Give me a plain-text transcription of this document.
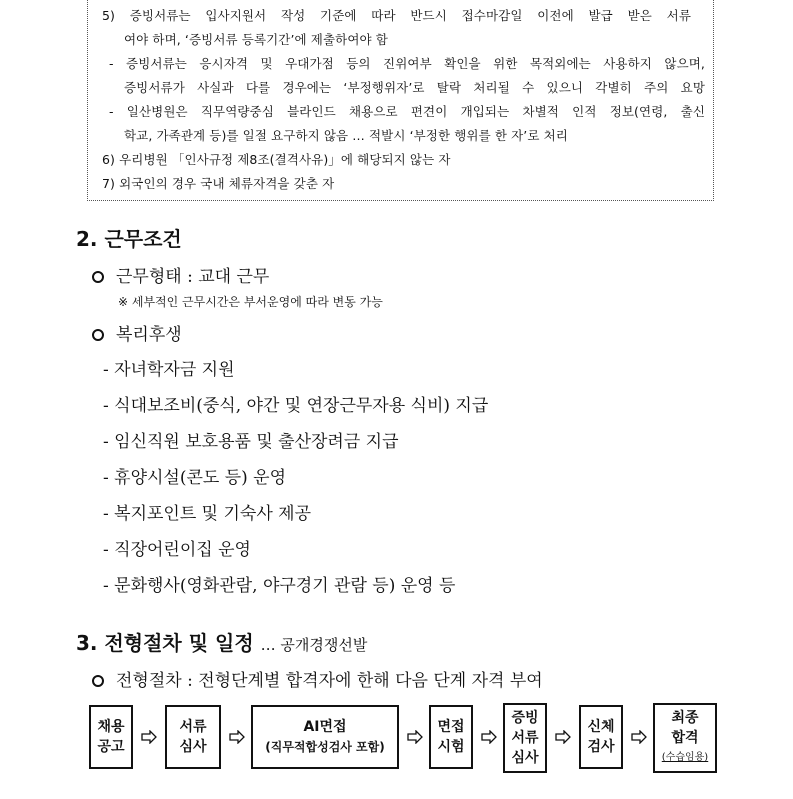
5) 증빙서류는 입사지원서 작성 기준에 따라 반드시 접수마감일 이전에 발급 받은 서류
여야 하며, ‘증빙서류 등록기간’에 제출하여야 함
- 증빙서류는 응시자격 및 우대가점 등의 진위여부 확인을 위한 목적외에는 사용하지 않으며,
증빙서류가 사실과 다를 경우에는 ‘부정행위자’로 탈락 처리될 수 있으니 각별히 주의 요망
- 일산병원은 직무역량중심 블라인드 채용으로 편견이 개입되는 차별적 인적 정보(연령, 출신
학교, 가족관계 등)를 일절 요구하지 않음 … 적발시 ‘부정한 행위를 한 자’로 처리
6) 우리병원 「인사규정 제8조(결격사유)」에 해당되지 않는 자
7) 외국인의 경우 국내 체류자격을 갖춘 자
2. 근무조건
근무형태 : 교대 근무
※ 세부적인 근무시간은 부서운영에 따라 변동 가능
복리후생
- 자녀학자금 지원
- 식대보조비(중식, 야간 및 연장근무자용 식비) 지급
- 임신직원 보호용품 및 출산장려금 지급
- 휴양시설(콘도 등) 운영
- 복지포인트 및 기숙사 제공
- 직장어린이집 운영
- 문화행사(영화관람, 야구경기 관람 등) 운영 등
3. 전형절차 및 일정 … 공개경쟁선발
전형절차 : 전형단계별 합격자에 한해 다음 단계 자격 부여
채용
공고
서류
심사
AI면접
(직무적합성검사 포함)
면접
시험
증빙
서류
심사
신체
검사
최종
합격
(수습임용)
